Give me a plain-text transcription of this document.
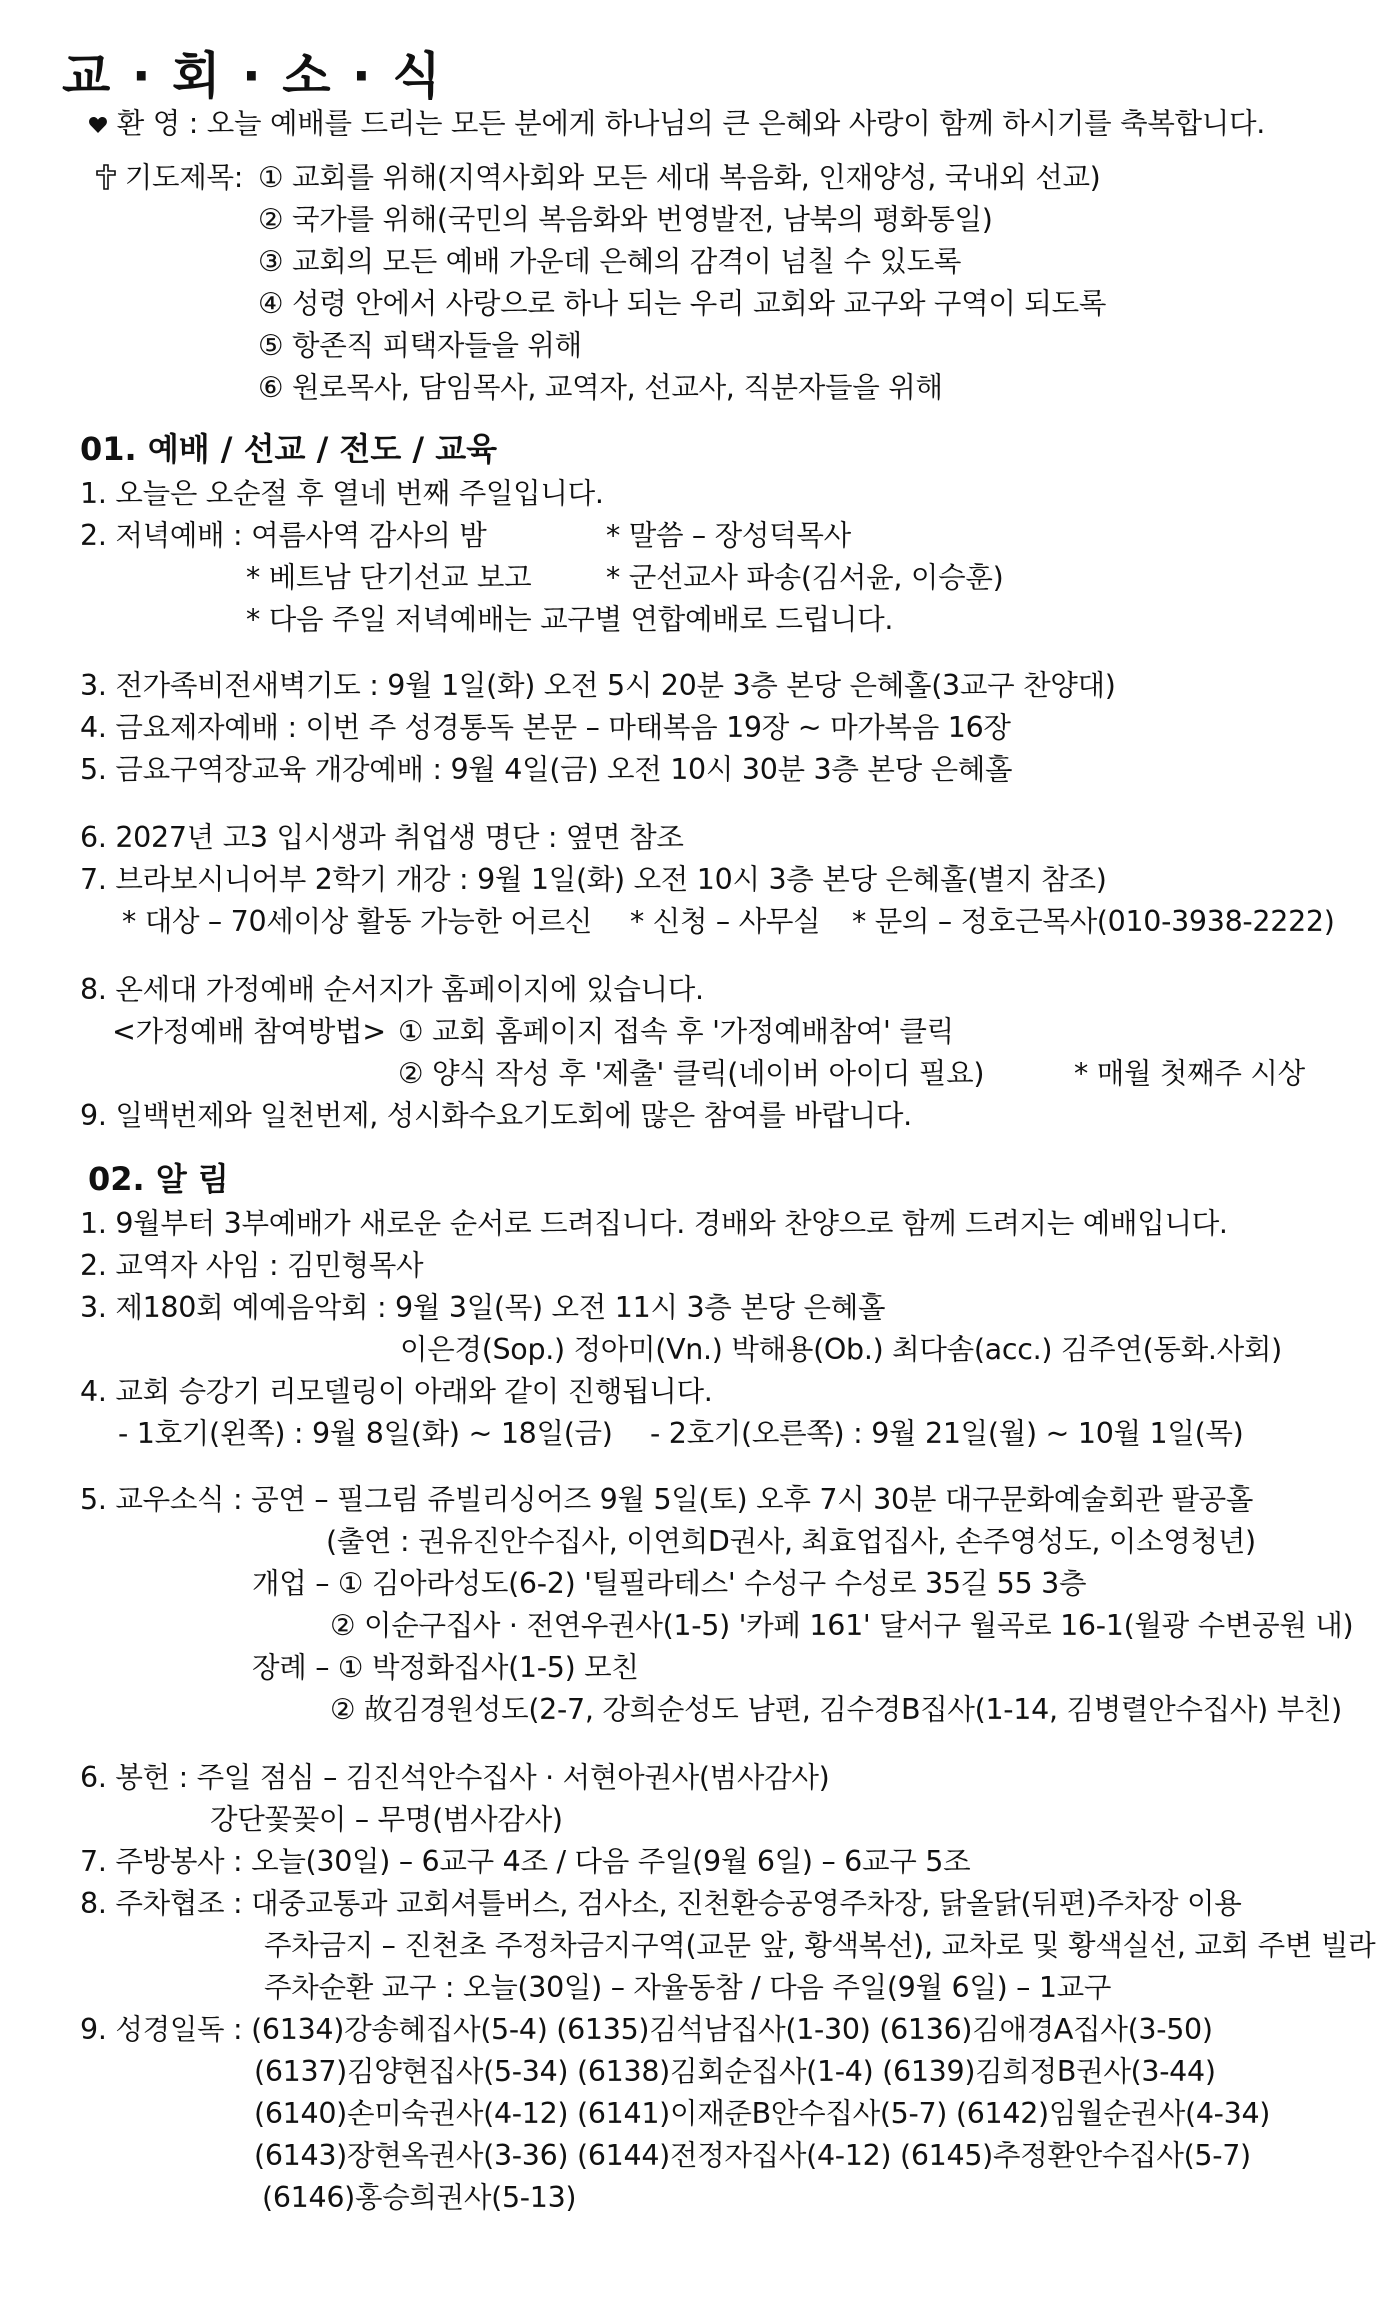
교 · 회 · 소 · 식
환 영 : 오늘 예배를 드리는 모든 분에게 하나님의 큰 은혜와 사랑이 함께 하시기를 축복합니다.
기도제목: ① 교회를 위해(지역사회와 모든 세대 복음화, 인재양성, 국내외 선교)
② 국가를 위해(국민의 복음화와 번영발전, 남북의 평화통일)
③ 교회의 모든 예배 가운데 은혜의 감격이 넘칠 수 있도록
④ 성령 안에서 사랑으로 하나 되는 우리 교회와 교구와 구역이 되도록
⑤ 항존직 피택자들을 위해
⑥ 원로목사, 담임목사, 교역자, 선교사, 직분자들을 위해
01. 예배 / 선교 / 전도 / 교육
1. 오늘은 오순절 후 열네 번째 주일입니다.
2. 저녁예배 : 여름사역 감사의 밤	* 말씀 – 장성덕목사
* 베트남 단기선교 보고	* 군선교사 파송(김서윤, 이승훈)
* 다음 주일 저녁예배는 교구별 연합예배로 드립니다.
3. 전가족비전새벽기도 : 9월 1일(화) 오전 5시 20분 3층 본당 은혜홀(3교구 찬양대)
4. 금요제자예배 : 이번 주 성경통독 본문 – 마태복음 19장 ~ 마가복음 16장
5. 금요구역장교육 개강예배 : 9월 4일(금) 오전 10시 30분 3층 본당 은혜홀
6. 2027년 고3 입시생과 취업생 명단 : 옆면 참조
7. 브라보시니어부 2학기 개강 : 9월 1일(화) 오전 10시 3층 본당 은혜홀(별지 참조)
* 대상 – 70세이상 활동 가능한 어르신 * 신청 – 사무실 * 문의 – 정호근목사(010-3938-2222)
8. 온세대 가정예배 순서지가 홈페이지에 있습니다.
<가정예배 참여방법> ① 교회 홈페이지 접속 후 '가정예배참여' 클릭
② 양식 작성 후 '제출' 클릭(네이버 아이디 필요)	* 매월 첫째주 시상
9. 일백번제와 일천번제, 성시화수요기도회에 많은 참여를 바랍니다.
02. 알 림
1. 9월부터 3부예배가 새로운 순서로 드려집니다. 경배와 찬양으로 함께 드려지는 예배입니다.
2. 교역자 사임 : 김민형목사
3. 제180회 예예음악회 : 9월 3일(목) 오전 11시 3층 본당 은혜홀
이은경(Sop.) 정아미(Vn.) 박해용(Ob.) 최다솜(acc.) 김주연(동화.사회)
4. 교회 승강기 리모델링이 아래와 같이 진행됩니다.
- 1호기(왼쪽) : 9월 8일(화) ~ 18일(금) - 2호기(오른쪽) : 9월 21일(월) ~ 10월 1일(목)
5. 교우소식 : 공연 – 필그림 쥬빌리싱어즈 9월 5일(토) 오후 7시 30분 대구문화예술회관 팔공홀
(출연 : 권유진안수집사, 이연희D권사, 최효업집사, 손주영성도, 이소영청년)
개업 – ① 김아라성도(6-2) '틸필라테스' 수성구 수성로 35길 55 3층
② 이순구집사 · 전연우권사(1-5) '카페 161' 달서구 월곡로 16-1(월광 수변공원 내)
장례 – ① 박정화집사(1-5) 모친
② 故김경원성도(2-7, 강희순성도 남편, 김수경B집사(1-14, 김병렬안수집사) 부친)
6. 봉헌 : 주일 점심 – 김진석안수집사 · 서현아권사(범사감사)
강단꽃꽂이 – 무명(범사감사)
7. 주방봉사 : 오늘(30일) – 6교구 4조 / 다음 주일(9월 6일) – 6교구 5조
8. 주차협조 : 대중교통과 교회셔틀버스, 검사소, 진천환승공영주차장, 닭올닭(뒤편)주차장 이용
주차금지 – 진천초 주정차금지구역(교문 앞, 황색복선), 교차로 및 황색실선, 교회 주변 빌라
주차순환 교구 : 오늘(30일) – 자율동참 / 다음 주일(9월 6일) – 1교구
9. 성경일독 : (6134)강송혜집사(5-4) (6135)김석남집사(1-30) (6136)김애경A집사(3-50)
(6137)김양현집사(5-34) (6138)김회순집사(1-4) (6139)김희정B권사(3-44)
(6140)손미숙권사(4-12) (6141)이재준B안수집사(5-7) (6142)임월순권사(4-34)
(6143)장현옥권사(3-36) (6144)전정자집사(4-12) (6145)추정환안수집사(5-7)
(6146)홍승희권사(5-13)
